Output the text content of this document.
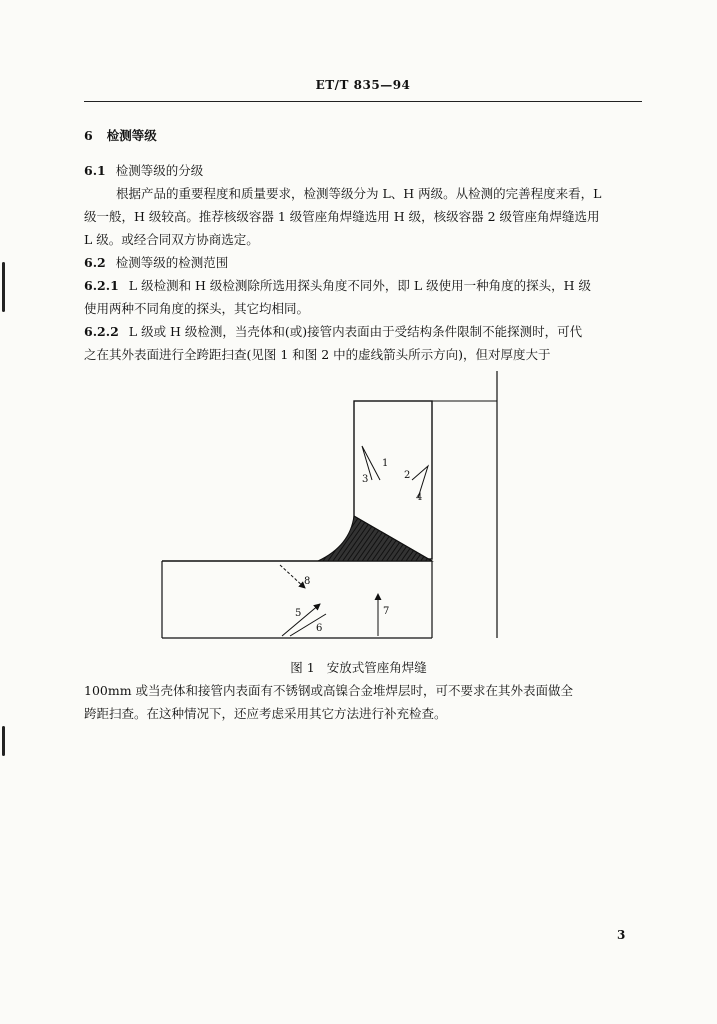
ET/T 835—94
6 检测等级
6.1 检测等级的分级
根据产品的重要程度和质量要求，检测等级分为 L、H 两级。从检测的完善程度来看，L
级一般，H 级较高。推荐核级容器 1 级管座角焊缝选用 H 级，核级容器 2 级管座角焊缝选用
L 级。或经合同双方协商选定。
6.2 检测等级的检测范围
6.2.1 L 级检测和 H 级检测除所选用探头角度不同外，即 L 级使用一种角度的探头，H 级
使用两种不同角度的探头，其它均相同。
6.2.2 L 级或 H 级检测，当壳体和(或)接管内表面由于受结构条件限制不能探测时，可代
之在其外表面进行全跨距扫查(见图 1 和图 2 中的虚线箭头所示方向)，但对厚度大于
1
3	2
4
8
5
6
7
图 1 安放式管座角焊缝
100mm 或当壳体和接管内表面有不锈钢或高镍合金堆焊层时，可不要求在其外表面做全
跨距扫查。在这种情况下，还应考虑采用其它方法进行补充检查。
3
